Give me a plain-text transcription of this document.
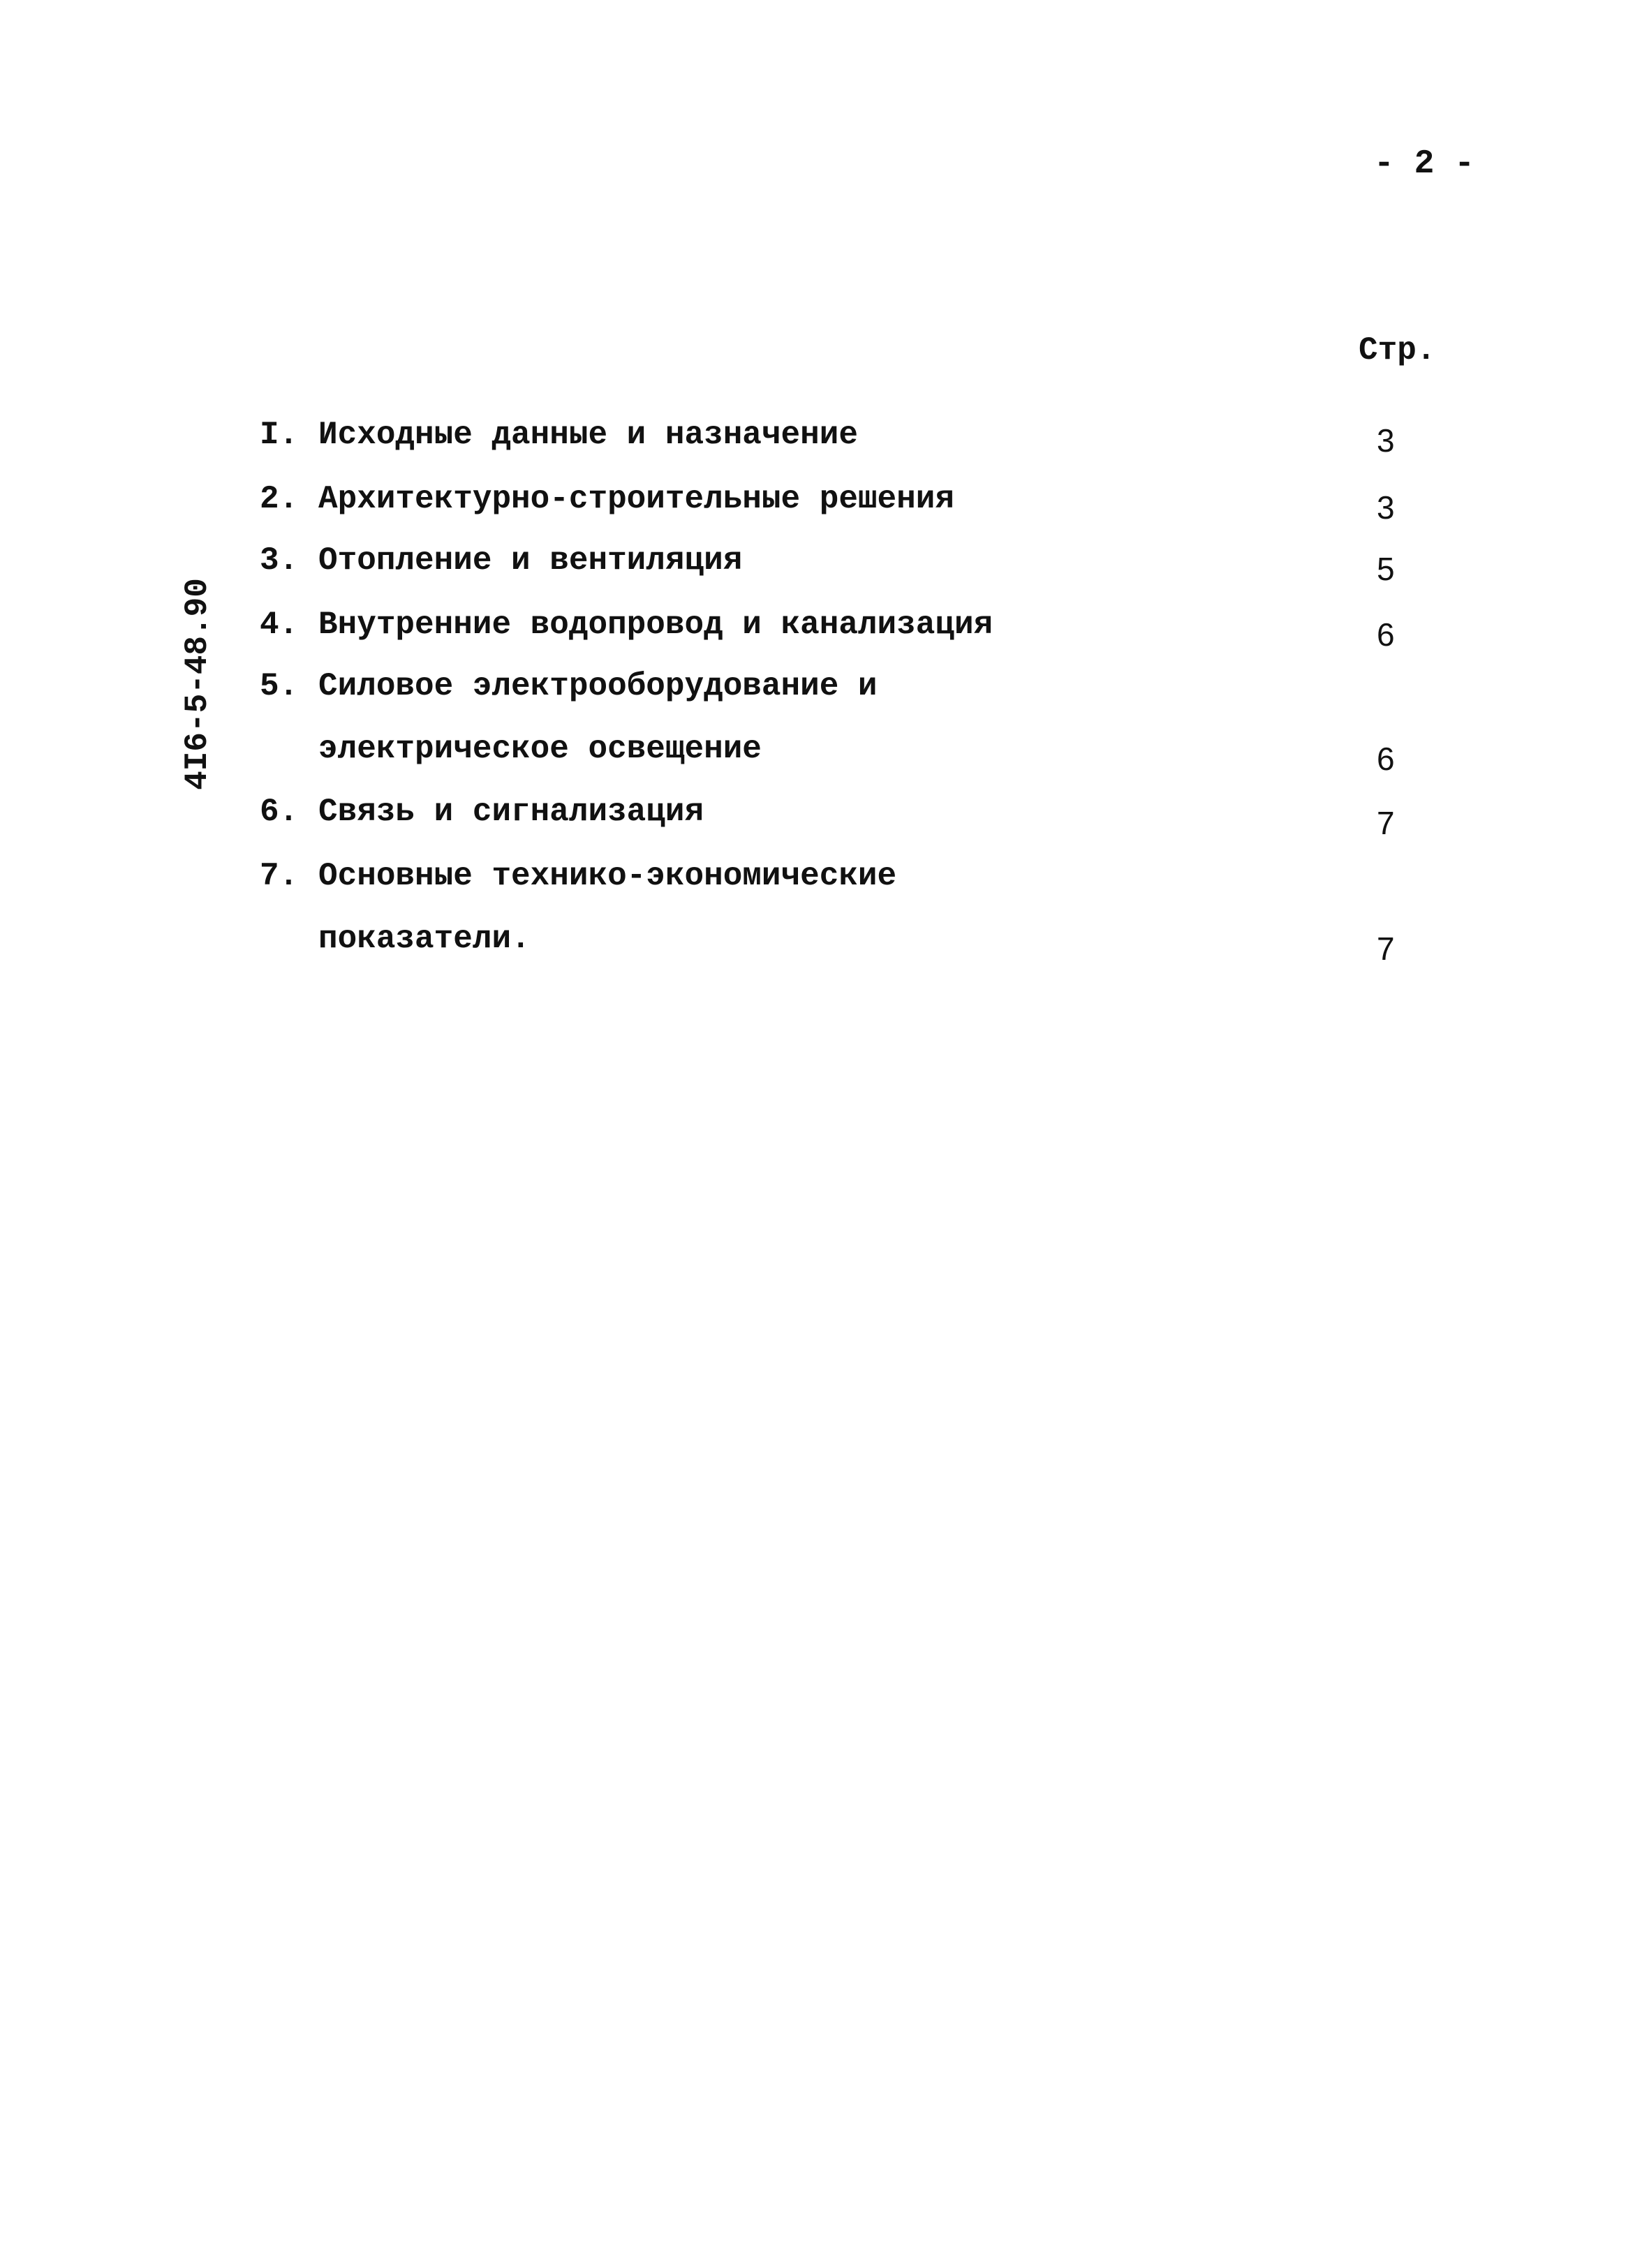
- 2 -
Стр.
4I6-5-48.90
I. Исходные данные и назначение	3
2. Архитектурно-строительные решения	3
3. Отопление и вентиляция	5
4. Внутренние водопровод и канализация	6
5. Силовое электрооборудование и
электрическое освещение	6
6. Связь и сигнализация	7
7. Основные технико-экономические
показатели.	7
